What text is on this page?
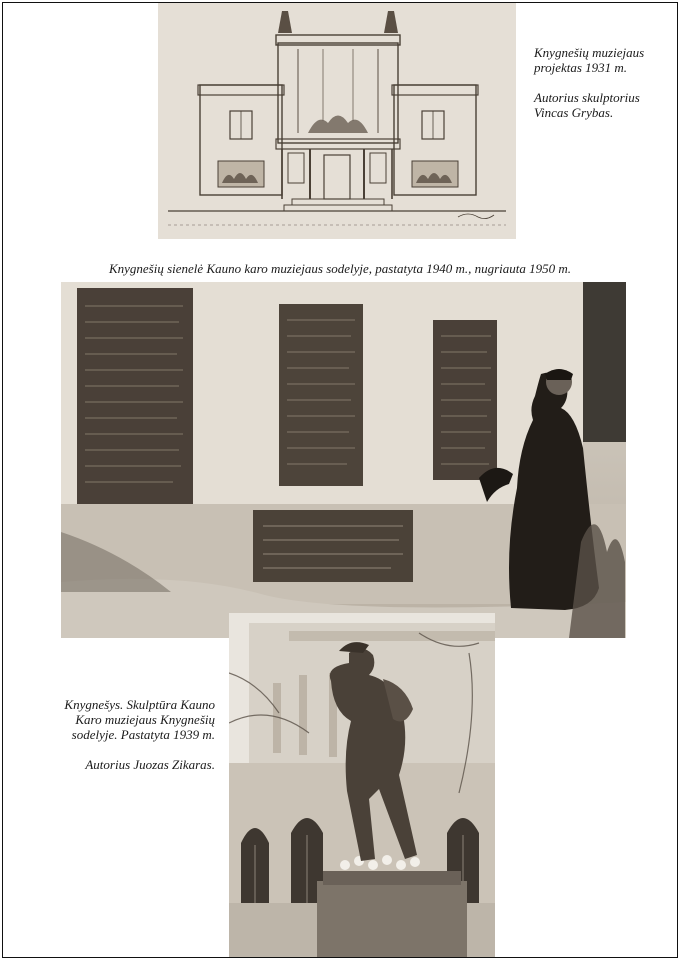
Knygnešių muziejaus

projektas 1931 m.

Autorius skulptorius

Vincas Grybas.

Knygnešių sienelė Kauno karo muziejaus sodelyje, pastatyta 1940 m., nugriauta 1950 m.

Knygnešys. Skulptūra Kauno

Karo muziejaus Knygnešių

sodelyje. Pastatyta 1939 m.

Autorius Juozas Zikaras.
